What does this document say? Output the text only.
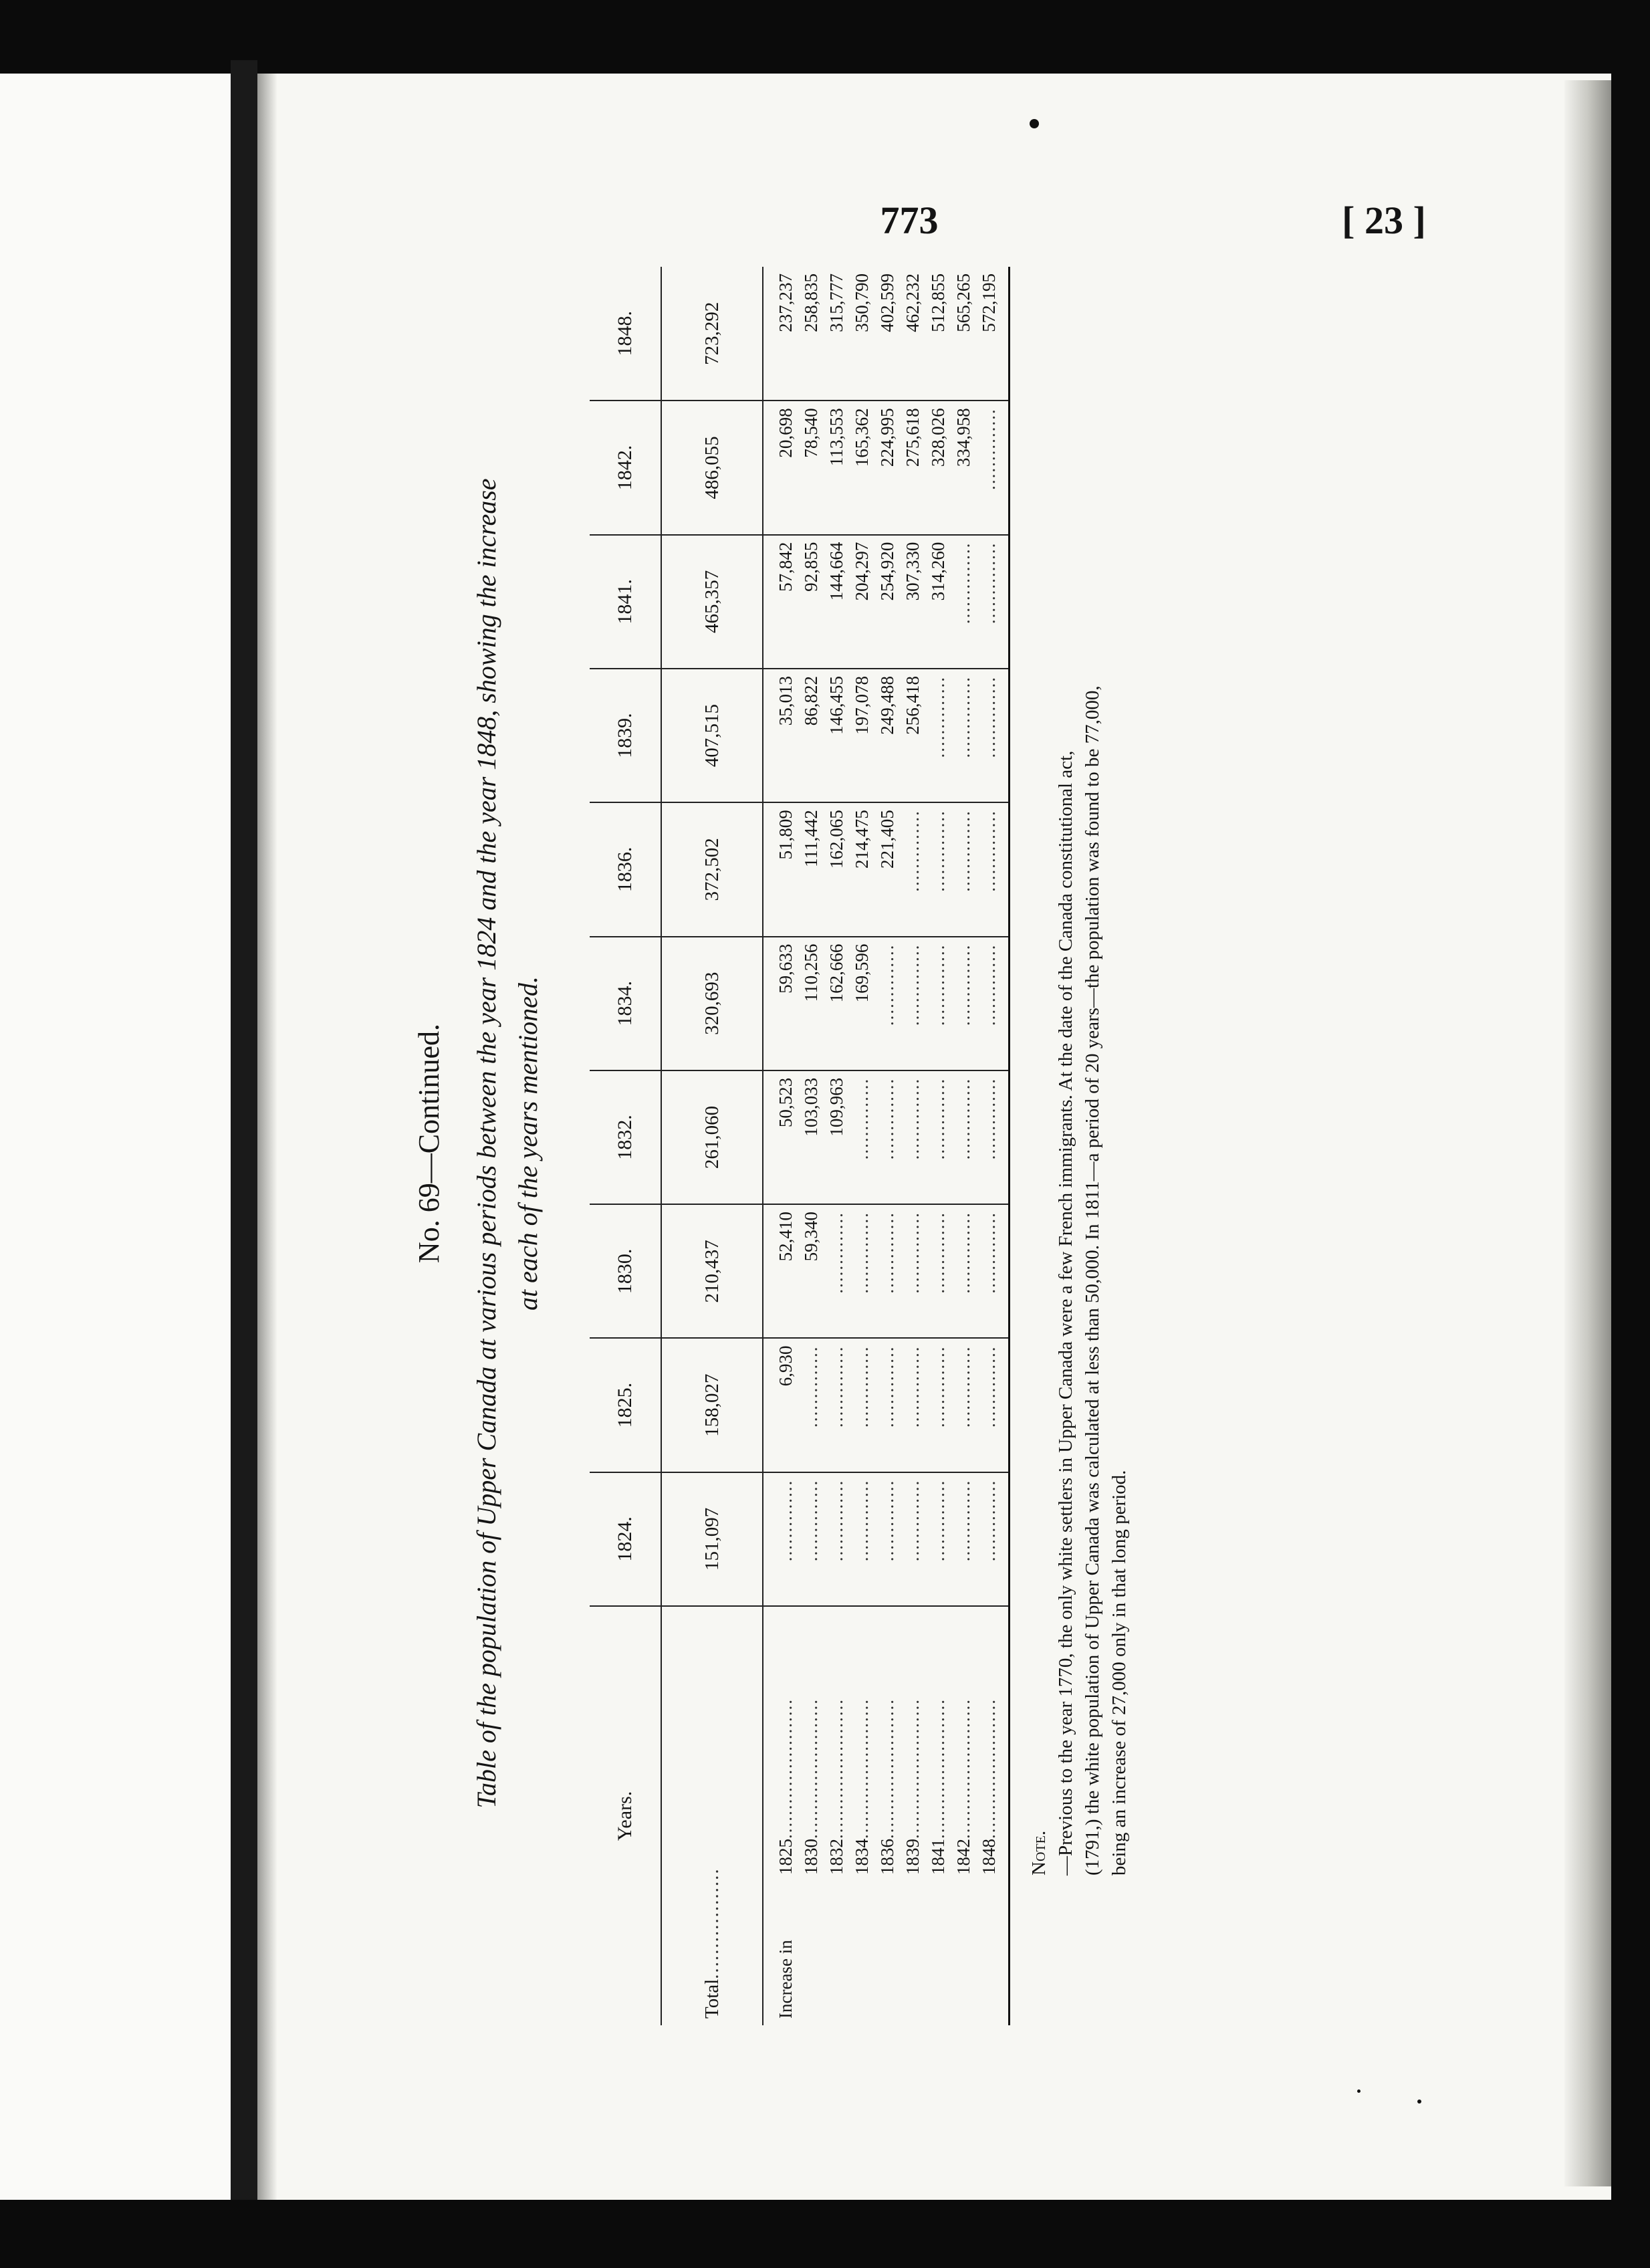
773	[ 23 ]
No. 69—Continued. Table of the population of Upper Canada at various periods between the year 1824 and the year 1848, showing the increase at each of the years mentioned.
Years.	1824.	1825.	1830.	1832.	1834.	1836.	1839.	1841.	1842.	1848.
Total..................	151,097	158,027	210,437	261,060	320,693	372,502	407,515	465,357	486,055	723,292

Increase in1825........................	..............	6,930	52,410	50,523	59,633	51,809	35,013	57,842	20,698	237,237
1830........................	..............	..............	59,340	103,033	110,256	111,442	86,822	92,855	78,540	258,835
1832........................	..............	..............	..............	109,963	162,666	162,065	146,455	144,664	113,553	315,777
1834........................	..............	..............	..............	..............	169,596	214,475	197,078	204,297	165,362	350,790
1836........................	..............	..............	..............	..............	..............	221,405	249,488	254,920	224,995	402,599
1839........................	..............	..............	..............	..............	..............	..............	256,418	307,330	275,618	462,232
1841........................	..............	..............	..............	..............	..............	..............	..............	314,260	328,026	512,855
1842........................	..............	..............	..............	..............	..............	..............	..............	..............	334,958	565,265
1848........................	..............	..............	..............	..............	..............	..............	..............	..............	..............	572,195
Note. —Previous to the year 1770, the only white settlers in Upper Canada were a few French immigrants. At the date of the Canada constitutional act, (1791,) the white population of Upper Canada was calculated at less than 50,000. In 1811—a period of 20 years—the population was found to be 77,000, being an increase of 27,000 only in that long period.
